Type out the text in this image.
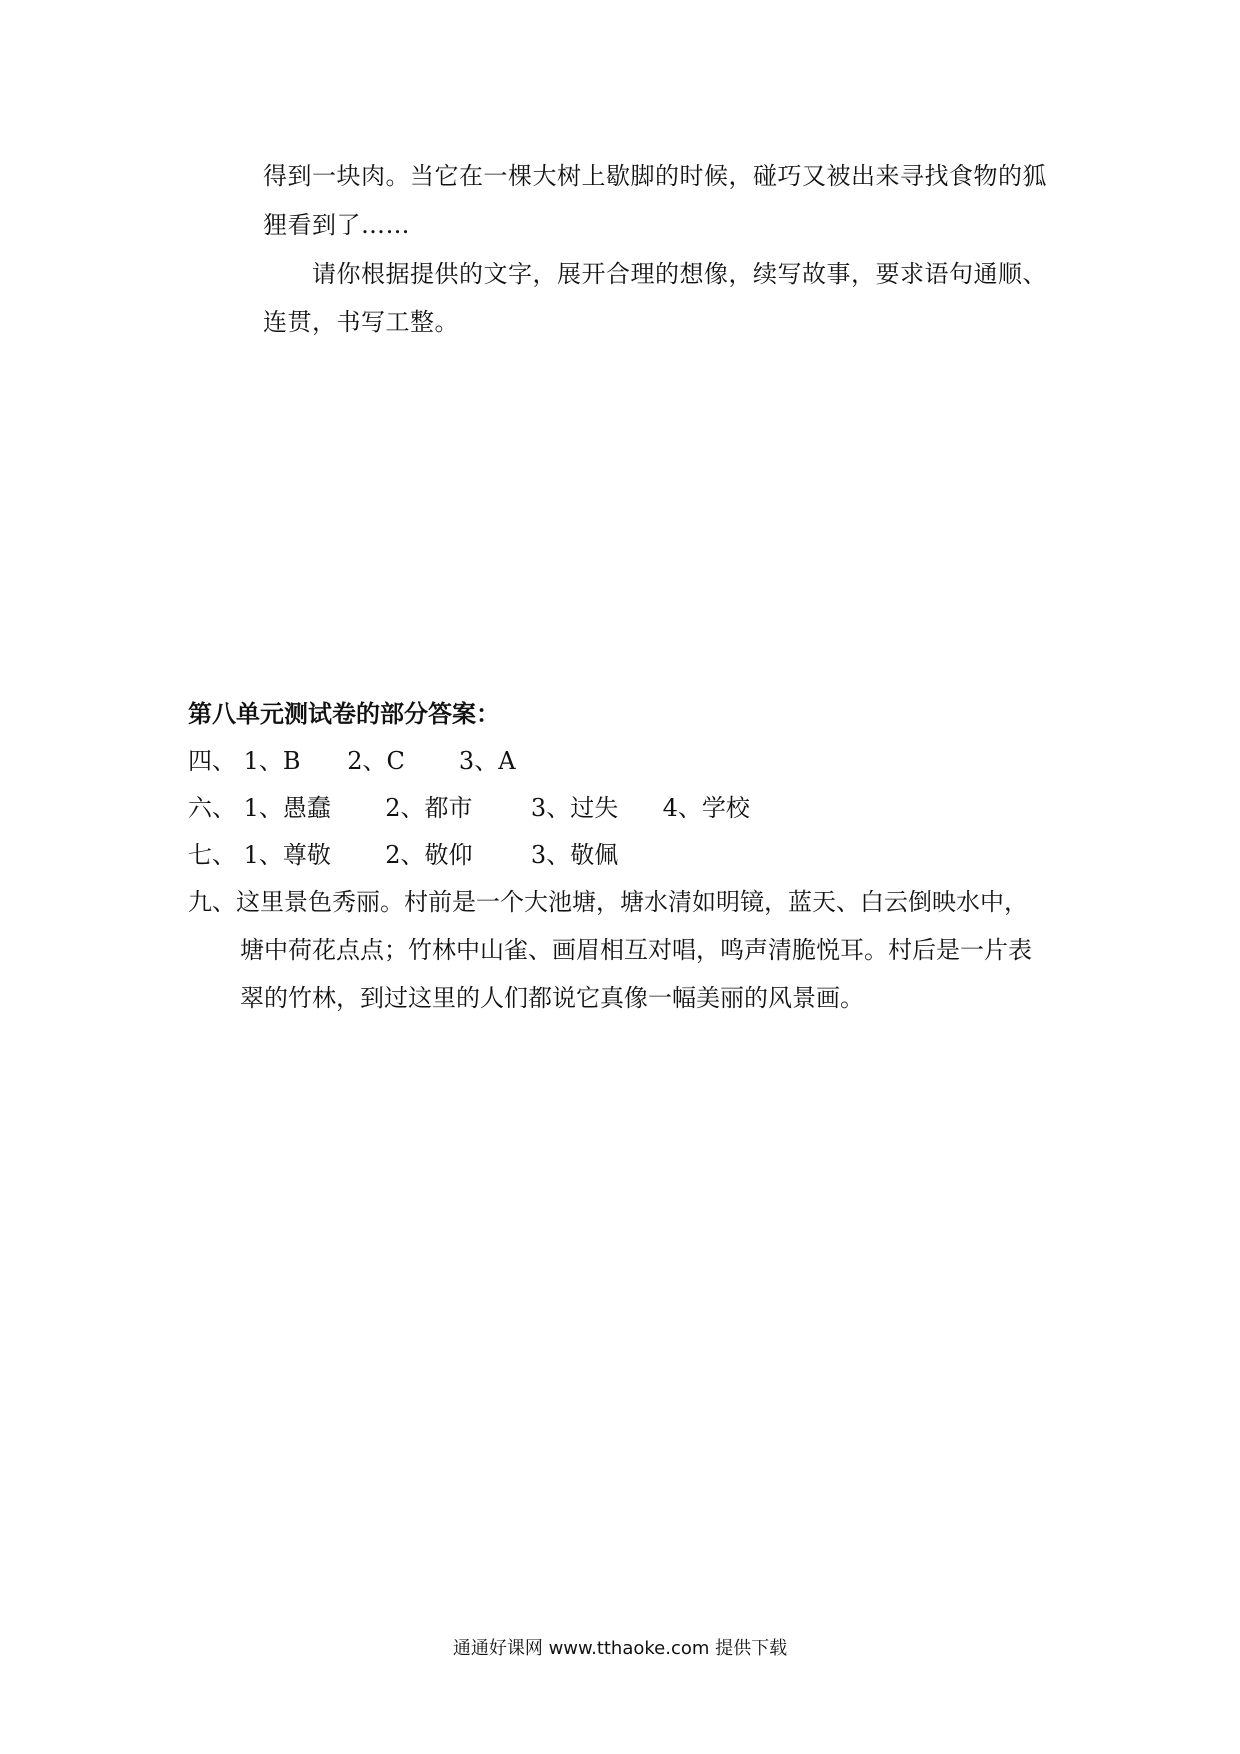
得到一块肉。当它在一棵大树上歇脚的时候，碰巧又被出来寻找食物的狐
狸看到了……
请你根据提供的文字，展开合理的想像，续写故事，要求语句通顺、
连贯，书写工整。
第八单元测试卷的部分答案：
四、 1、B 2、C 3、A
六、 1、愚蠢 2、都市 3、过失 4、学校
七、 1、尊敬 2、敬仰 3、敬佩
九、这里景色秀丽。村前是一个大池塘，塘水清如明镜，蓝天、白云倒映水中，
塘中荷花点点；竹林中山雀、画眉相互对唱，鸣声清脆悦耳。村后是一片表
翠的竹林，到过这里的人们都说它真像一幅美丽的风景画。
通通好课网 www.tthaoke.com 提供下载
